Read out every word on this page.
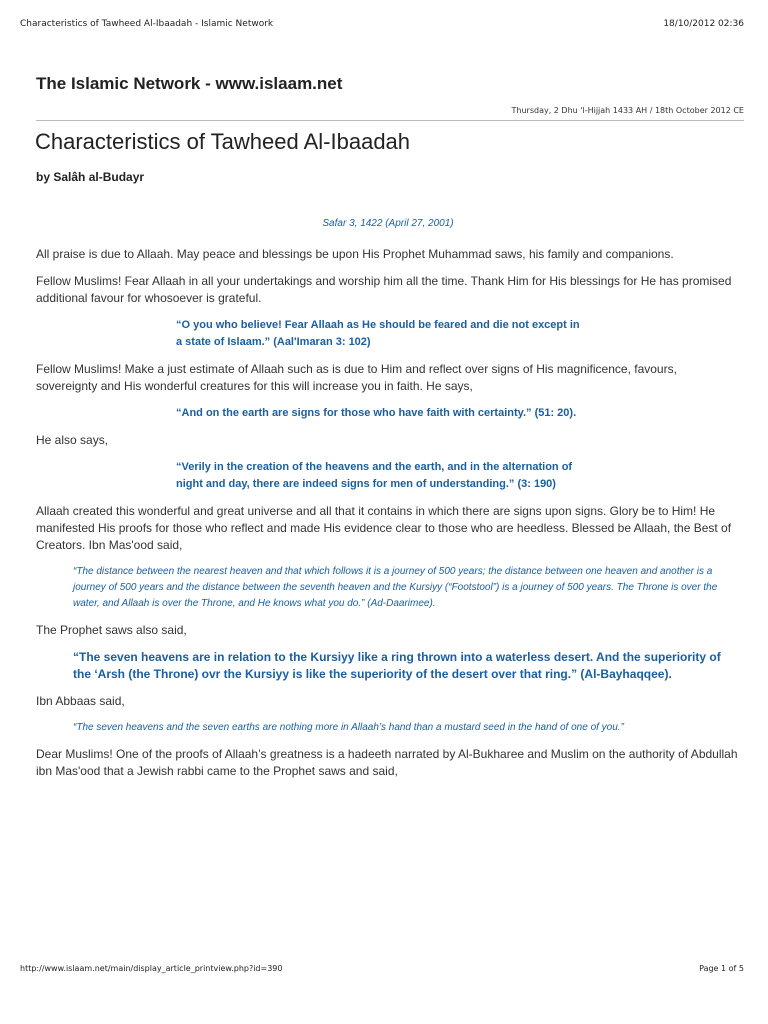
Characteristics of Tawheed Al-Ibaadah - Islamic Network	18/10/2012 02:36
The Islamic Network - www.islaam.net
Thursday, 2 Dhu 'l-Hijjah 1433 AH / 18th October 2012 CE
Characteristics of Tawheed Al-Ibaadah
by Salâh al-Budayr

Safar 3, 1422 (April 27, 2001)

All praise is due to Allaah. May peace and blessings be upon His Prophet Muhammad saws, his family and companions.

Fellow Muslims! Fear Allaah in all your undertakings and worship him all the time. Thank Him for His blessings for He has promised additional favour for whosoever is grateful.

“O you who believe! Fear Allaah as He should be feared and die not except in a state of Islaam.” (Aal'Imaran 3: 102)

Fellow Muslims! Make a just estimate of Allaah such as is due to Him and reflect over signs of His magnificence, favours, sovereignty and His wonderful creatures for this will increase you in faith. He says,

“And on the earth are signs for those who have faith with certainty.” (51: 20).

He also says,

“Verily in the creation of the heavens and the earth, and in the alternation of night and day, there are indeed signs for men of understanding.” (3: 190)

Allaah created this wonderful and great universe and all that it contains in which there are signs upon signs. Glory be to Him! He manifested His proofs for those who reflect and made His evidence clear to those who are heedless. Blessed be Allaah, the Best of Creators. Ibn Mas'ood said,

“The distance between the nearest heaven and that which follows it is a journey of 500 years; the distance between one heaven and another is a journey of 500 years and the distance between the seventh heaven and the Kursiyy (“Footstool”) is a journey of 500 years. The Throne is over the water, and Allaah is over the Throne, and He knows what you do.” (Ad-Daarimee).

The Prophet saws also said,

“The seven heavens are in relation to the Kursiyy like a ring thrown into a waterless desert. And the superiority of the ‘Arsh (the Throne) ovr the Kursiyy is like the superiority of the desert over that ring.” (Al-Bayhaqqee).

Ibn Abbaas said,

“The seven heavens and the seven earths are nothing more in Allaah’s hand than a mustard seed in the hand of one of you.”

Dear Muslims! One of the proofs of Allaah’s greatness is a hadeeth narrated by Al-Bukharee and Muslim on the authority of Abdullah ibn Mas'ood that a Jewish rabbi came to the Prophet saws and said,

http://www.islaam.net/main/display_article_printview.php?id=390	Page 1 of 5
